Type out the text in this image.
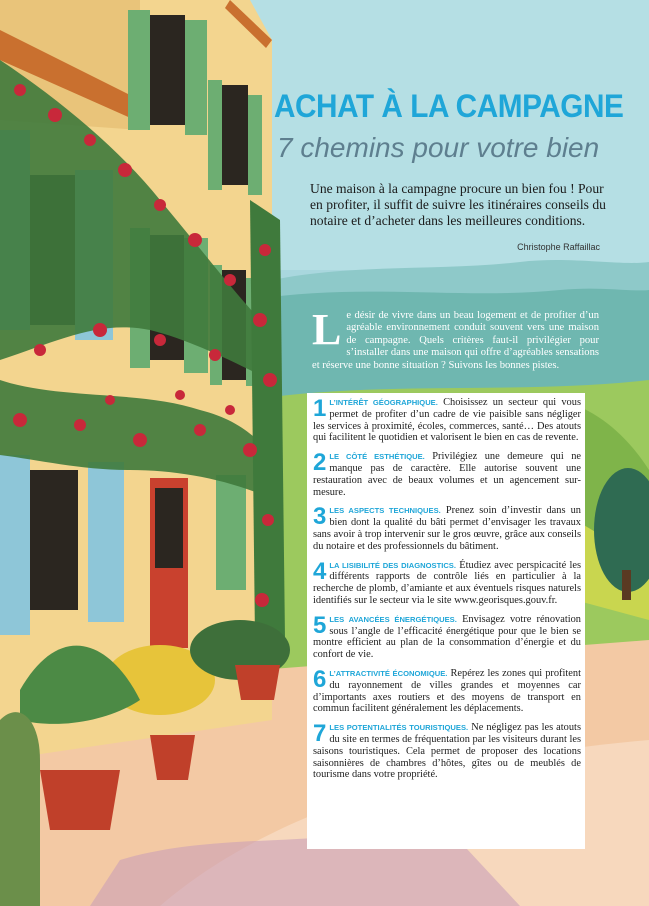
ACHAT À LA CAMPAGNE
7 chemins pour votre bien
Une maison à la campagne procure un bien fou ! Pour en profiter, il suffit de suivre les itinéraires conseils du notaire et d’acheter dans les meilleures conditions.
Christophe Raffaillac
Le désir de vivre dans un beau logement et de profiter d’un agréable environnement conduit souvent vers une maison de campagne. Quels critères faut-il privilégier pour s’installer dans une maison qui offre d’agréables sensations et réserve une bonne situation ? Suivons les bonnes pistes.
1 L’INTÉRÊT GÉOGRAPHIQUE. Choisissez un secteur qui vous permet de profiter d’un cadre de vie paisible sans négliger les services à proximité, écoles, commerces, santé… Des atouts qui facilitent le quotidien et valorisent le bien en cas de revente.
2 LE CÔTÉ ESTHÉTIQUE. Privilégiez une demeure qui ne manque pas de caractère. Elle autorise souvent une restauration avec de beaux volumes et un agencement sur-mesure.
3 LES ASPECTS TECHNIQUES. Prenez soin d’investir dans un bien dont la qualité du bâti permet d’envisager les travaux sans avoir à trop intervenir sur le gros œuvre, grâce aux conseils du notaire et des professionnels du bâtiment.
4 LA LISIBILITÉ DES DIAGNOSTICS. Étudiez avec perspicacité les différents rapports de contrôle liés en particulier à la recherche de plomb, d’amiante et aux éventuels risques naturels identifiés sur le secteur via le site www.georisques.gouv.fr.
5 LES AVANCÉES ÉNERGÉTIQUES. Envisagez votre rénovation sous l’angle de l’efficacité énergétique pour que le bien se montre efficient au plan de la consommation d’énergie et du confort de vie.
6 L’ATTRACTIVITÉ ÉCONOMIQUE. Repérez les zones qui profitent du rayonnement de villes grandes et moyennes car d’importants axes routiers et des moyens de transport en commun facilitent généralement les déplacements.
7 LES POTENTIALITÉS TOURISTIQUES. Ne négligez pas les atouts du site en termes de fréquentation par les visiteurs durant les saisons touristiques. Cela permet de proposer des locations saisonnières de chambres d’hôtes, gîtes ou de meublés de tourisme dans votre propriété.
